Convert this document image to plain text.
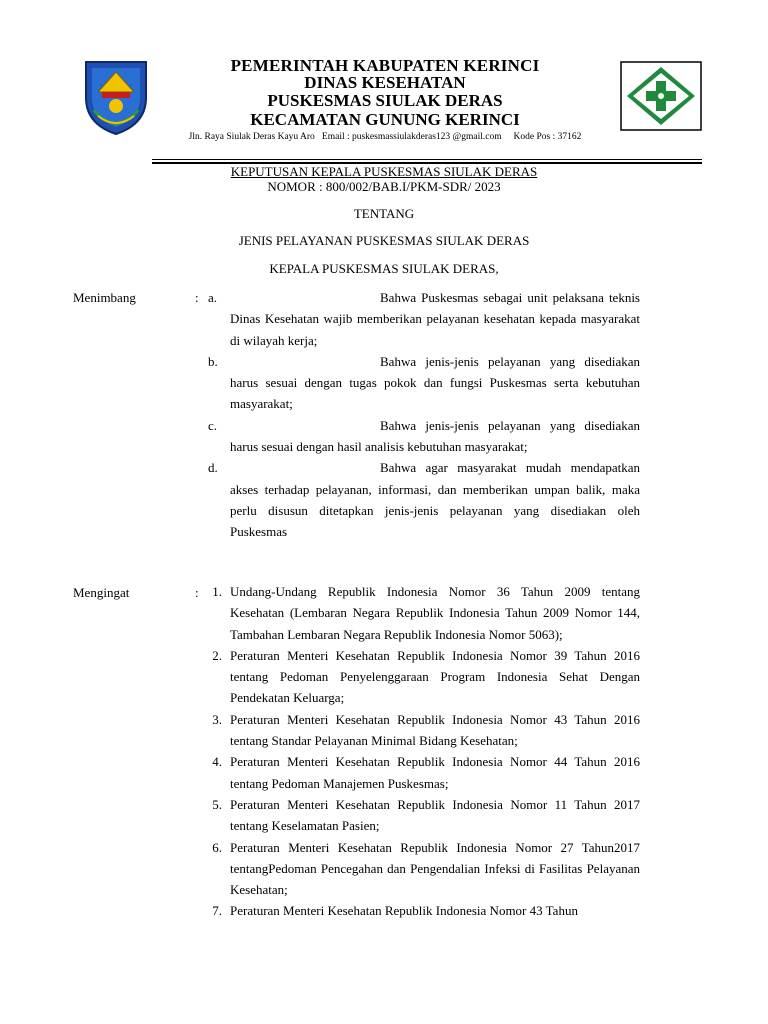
PEMERINTAH KABUPATEN KERINCI
DINAS KESEHATAN
PUSKESMAS SIULAK DERAS
KECAMATAN GUNUNG KERINCI
Jln. Raya Siulak Deras Kayu Aro   Email : puskesmassiulakderas123 @gmail.com     Kode Pos : 37162
KEPUTUSAN KEPALA PUSKESMAS SIULAK DERAS
NOMOR : 800/002/BAB.I/PKM-SDR/ 2023
TENTANG
JENIS PELAYANAN PUSKESMAS SIULAK DERAS
KEPALA PUSKESMAS SIULAK DERAS,
Menimbang	: a.	Bahwa Puskesmas sebagai unit pelaksana teknis Dinas Kesehatan wajib memberikan pelayanan kesehatan kepada masyarakat di wilayah kerja;
b.	Bahwa jenis-jenis pelayanan yang disediakan harus sesuai dengan tugas pokok dan fungsi Puskesmas serta kebutuhan masyarakat;
c.	Bahwa jenis-jenis pelayanan yang disediakan harus sesuai dengan hasil analisis kebutuhan masyarakat;
d.	Bahwa agar masyarakat mudah mendapatkan akses terhadap pelayanan, informasi, dan memberikan umpan balik, maka perlu disusun ditetapkan jenis-jenis pelayanan yang disediakan oleh Puskesmas
Mengingat	:	1. Undang-Undang Republik Indonesia Nomor 36 Tahun 2009 tentang Kesehatan (Lembaran Negara Republik Indonesia Tahun 2009 Nomor 144, Tambahan Lembaran Negara Republik Indonesia Nomor 5063);
2. Peraturan Menteri Kesehatan Republik Indonesia Nomor 39 Tahun 2016 tentang Pedoman Penyelenggaraan Program Indonesia Sehat Dengan Pendekatan Keluarga;
3. Peraturan Menteri Kesehatan Republik Indonesia Nomor 43 Tahun 2016 tentang Standar Pelayanan Minimal Bidang Kesehatan;
4. Peraturan Menteri Kesehatan Republik Indonesia Nomor 44 Tahun 2016 tentang Pedoman Manajemen Puskesmas;
5. Peraturan Menteri Kesehatan Republik Indonesia Nomor 11 Tahun 2017 tentang Keselamatan Pasien;
6. Peraturan Menteri Kesehatan Republik Indonesia Nomor 27 Tahun2017 tentangPedoman Pencegahan dan Pengendalian Infeksi di Fasilitas Pelayanan Kesehatan;
7. Peraturan Menteri Kesehatan Republik Indonesia Nomor 43 Tahun
